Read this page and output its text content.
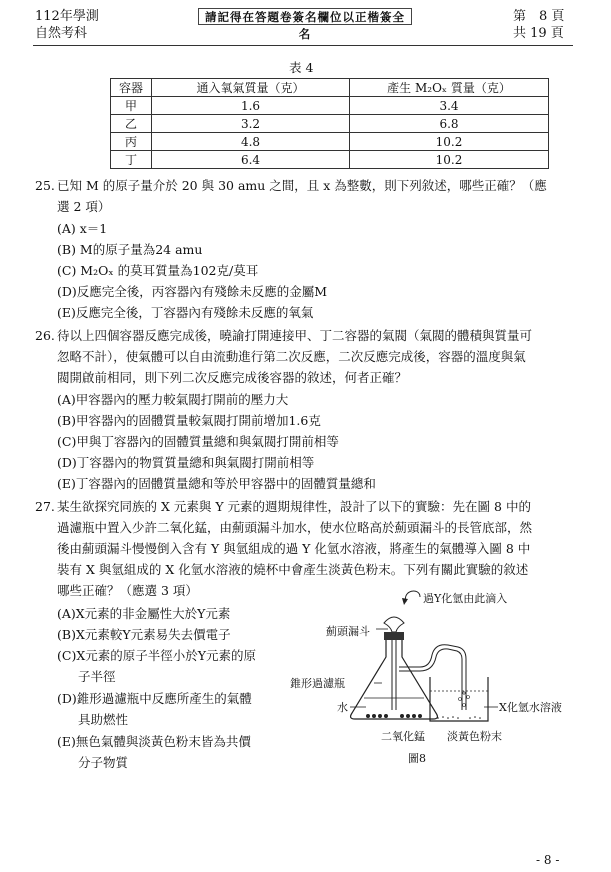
112年學測
自然考科
請記得在答題卷簽名欄位以正楷簽全名
第　8 頁
共 19 頁
表 4
容器	通入氧氣質量（克）	產生 M₂Oₓ 質量（克）
甲	1.6	3.4
乙	3.2	6.8
丙	4.8	10.2
丁	6.4	10.2
25. 已知 M 的原子量介於 20 與 30 amu 之間，且 x 為整數，則下列敘述，哪些正確？（應
選 2 項）
(A) x＝1
(B) M的原子量為24 amu
(C) M₂Oₓ 的莫耳質量為102克/莫耳
(D)反應完全後，丙容器內有殘餘未反應的金屬M
(E)反應完全後，丁容器內有殘餘未反應的氧氣
26. 待以上四個容器反應完成後，曉諭打開連接甲、丁二容器的氣閥（氣閥的體積與質量可
忽略不計），使氣體可以自由流動進行第二次反應，二次反應完成後，容器的溫度與氣
閥開啟前相同，則下列二次反應完成後容器的敘述，何者正確？
(A)甲容器內的壓力較氣閥打開前的壓力大
(B)甲容器內的固體質量較氣閥打開前增加1.6克
(C)甲與丁容器內的固體質量總和與氣閥打開前相等
(D)丁容器內的物質質量總和與氣閥打開前相等
(E)丁容器內的固體質量總和等於甲容器中的固體質量總和
27. 某生欲探究同族的 X 元素與 Y 元素的週期規律性，設計了以下的實驗：先在圖 8 中的
過濾瓶中置入少許二氧化錳，由薊頭漏斗加水，使水位略高於薊頭漏斗的長管底部，然
後由薊頭漏斗慢慢倒入含有 Y 與氫組成的過 Y 化氫水溶液，將產生的氣體導入圖 8 中
裝有 X 與氫組成的 X 化氫水溶液的燒杯中會產生淡黃色粉末。下列有關此實驗的敘述
哪些正確？（應選 3 項）
(A)X元素的非金屬性大於Y元素
(B)X元素較Y元素易失去價電子
(C)X元素的原子半徑小於Y元素的原
子半徑
(D)錐形過濾瓶中反應所產生的氣體
具助燃性
(E)無色氣體與淡黃色粉末皆為共價
分子物質
過Y化氫由此滴入
薊頭漏斗
錐形過濾瓶
水	X化氫水溶液
二氧化錳 淡黃色粉末
圖8
- 8 -
